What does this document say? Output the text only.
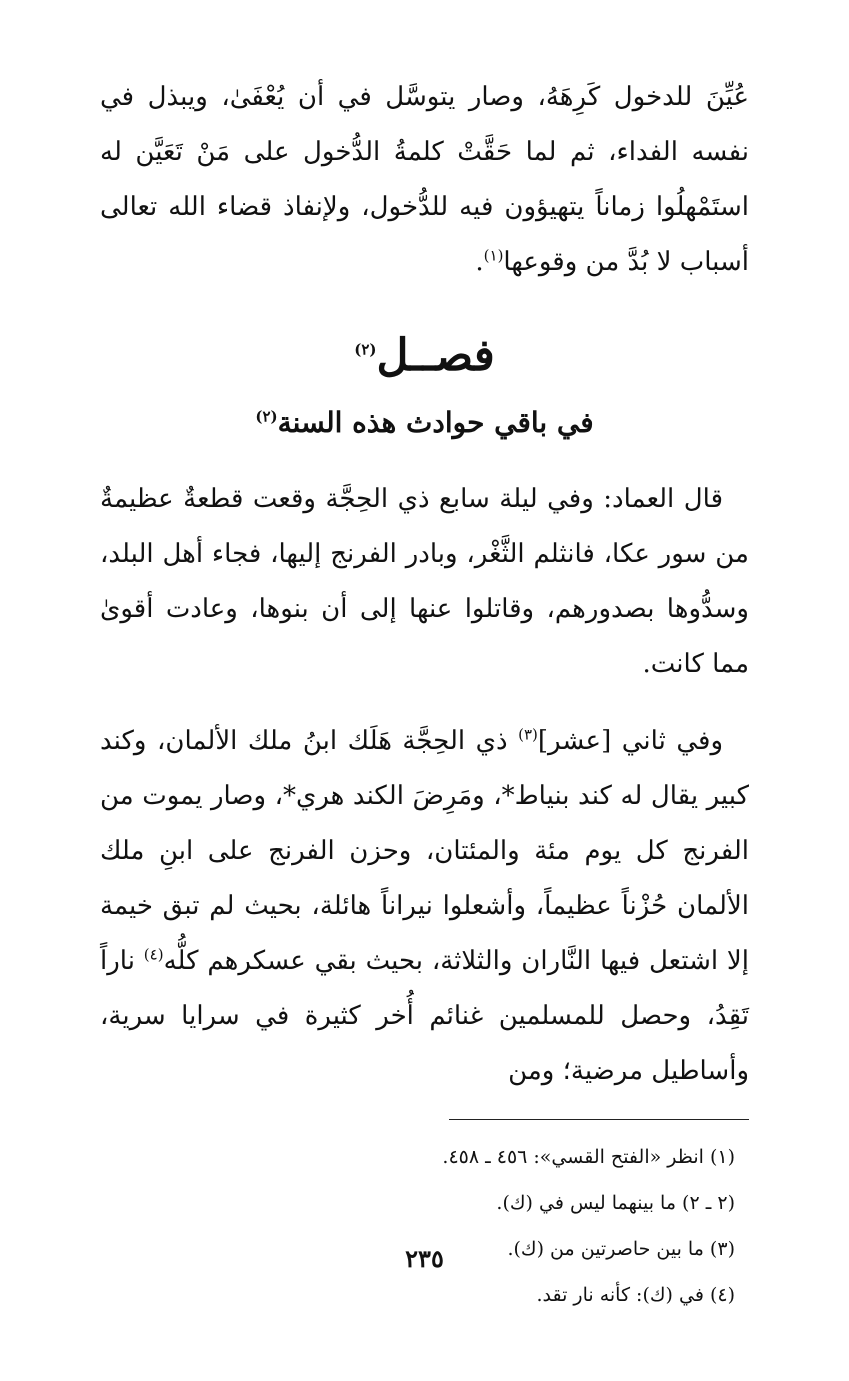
عُيِّنَ للدخول كَرِهَهُ، وصار يتوسَّل في أن يُعْفَىٰ، ويبذل في نفسه الفداء، ثم لما حَقَّتْ كلمةُ الدُّخول على مَنْ تَعَيَّن له استَمْهلُوا زماناً يتهيؤون فيه للدُّخول، ولإنفاذ قضاء الله تعالى أسباب لا بُدَّ من وقوعها$^{(١)}$.

فصــل$^{(٢)}$
في باقي حوادث هذه السنة$^{(٢)}$

قال العماد: وفي ليلة سابع ذي الحِجَّة وقعت قطعةٌ عظيمةٌ من سور عكا، فانثلم الثَّغْر، وبادر الفرنج إليها، فجاء أهل البلد، وسدُّوها بصدورهم، وقاتلوا عنها إلى أن بنوها، وعادت أقوىٰ مما كانت.

وفي ثاني [عشر]$^{(٣)}$ ذي الحِجَّة هَلَك ابنُ ملك الألمان، وكند كبير يقال له كند بنياط*، ومَرِضَ الكند هري*، وصار يموت من الفرنج كل يوم مئة والمئتان، وحزن الفرنج على ابنِ ملك الألمان حُزْناً عظيماً، وأشعلوا نيراناً هائلة، بحيث لم تبق خيمة إلا اشتعل فيها النَّاران والثلاثة، بحيث بقي عسكرهم كلُّه$^{(٤)}$ ناراً تَقِدُ، وحصل للمسلمين غنائم أُخر كثيرة في سرايا سرية، وأساطيل مرضية؛ ومن

(١) انظر «الفتح القسي»: ٤٥٦ ـ ٤٥٨.

(٢ ـ ٢) ما بينهما ليس في (ك).

(٣) ما بين حاصرتين من (ك).

(٤) في (ك): كأنه نار تقد.

٢٣٥
